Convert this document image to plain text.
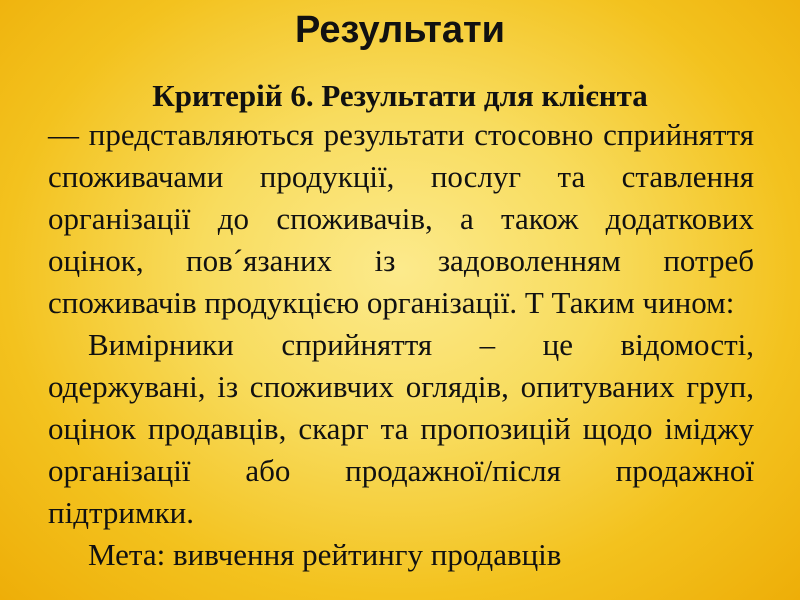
Результати
Критерій 6. Результати для клієнта

— представляються результати стосовно сприйняття споживачами продукції, послуг та ставлення організації до споживачів, а також додаткових оцінок, пов´язаних із задоволенням потреб споживачів продукцією організації. Т Таким чином:

Вимірники сприйняття – це відомості, одержувані, із споживчих оглядів, опитуваних груп, оцінок продавців, скарг та пропозицій щодо іміджу організації або продажної/після продажної підтримки.

Мета: вивчення рейтингу продавців
